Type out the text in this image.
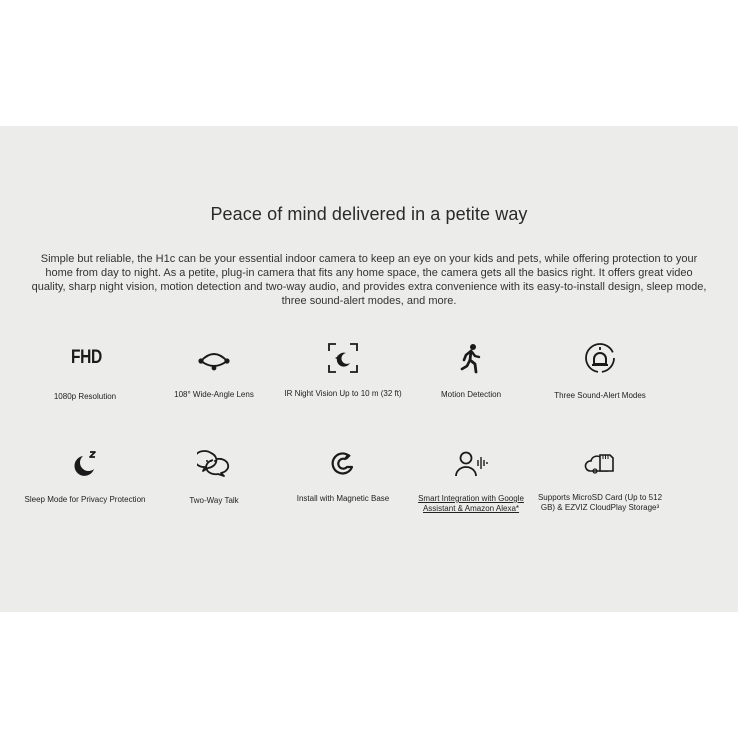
Peace of mind delivered in a petite way

Simple but reliable, the H1c can be your essential indoor camera to keep an eye on your kids and pets, while offering protection to your home from day to night. As a petite, plug-in camera that fits any home space, the camera gets all the basics right. It offers great video quality, sharp night vision, motion detection and two-way audio, and provides extra convenience with its easy-to-install design, sleep mode, three sound-alert modes, and more.

FHD
1080p Resolution	108° Wide-Angle Lens	IR Night Vision Up to 10 m (32 ft)	Motion Detection	Three Sound-Alert Modes
Sleep Mode for Privacy Protection	Two-Way Talk	Install with Magnetic Base	Smart Integration with Google Assistant & Amazon Alexa*
Supports MicroSD Card (Up to 512 GB) & EZVIZ CloudPlay Storage³
